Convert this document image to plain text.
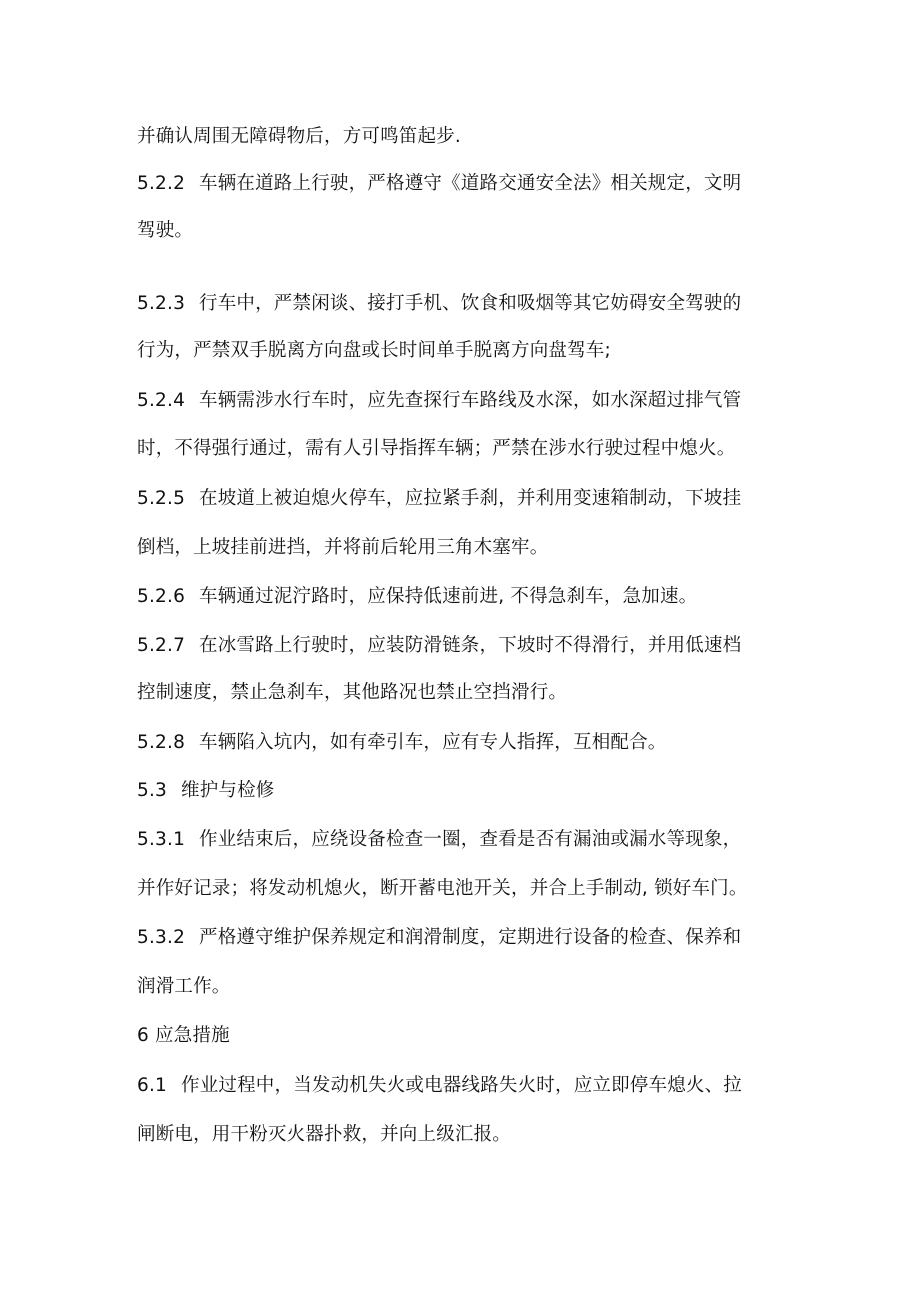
并确认周围无障碍物后，方可鸣笛起步.
5.2.2 车辆在道路上行驶，严格遵守《道路交通安全法》相关规定，文明
驾驶。
5.2.3 行车中，严禁闲谈、接打手机、饮食和吸烟等其它妨碍安全驾驶的
行为，严禁双手脱离方向盘或长时间单手脱离方向盘驾车;
5.2.4 车辆需涉水行车时，应先查探行车路线及水深，如水深超过排气管
时，不得强行通过，需有人引导指挥车辆；严禁在涉水行驶过程中熄火。
5.2.5 在坡道上被迫熄火停车，应拉紧手刹，并利用变速箱制动，下坡挂
倒档，上坡挂前进挡，并将前后轮用三角木塞牢。
5.2.6 车辆通过泥泞路时，应保持低速前进, 不得急刹车，急加速。
5.2.7 在冰雪路上行驶时，应装防滑链条，下坡时不得滑行，并用低速档
控制速度，禁止急刹车，其他路况也禁止空挡滑行。
5.2.8 车辆陷入坑内，如有牵引车，应有专人指挥，互相配合。
5.3 维护与检修
5.3.1 作业结束后，应绕设备检查一圈，查看是否有漏油或漏水等现象，
并作好记录；将发动机熄火，断开蓄电池开关，并合上手制动, 锁好车门。
5.3.2 严格遵守维护保养规定和润滑制度，定期进行设备的检查、保养和
润滑工作。
6 应急措施
6.1 作业过程中，当发动机失火或电器线路失火时，应立即停车熄火、拉
闸断电，用干粉灭火器扑救，并向上级汇报。
